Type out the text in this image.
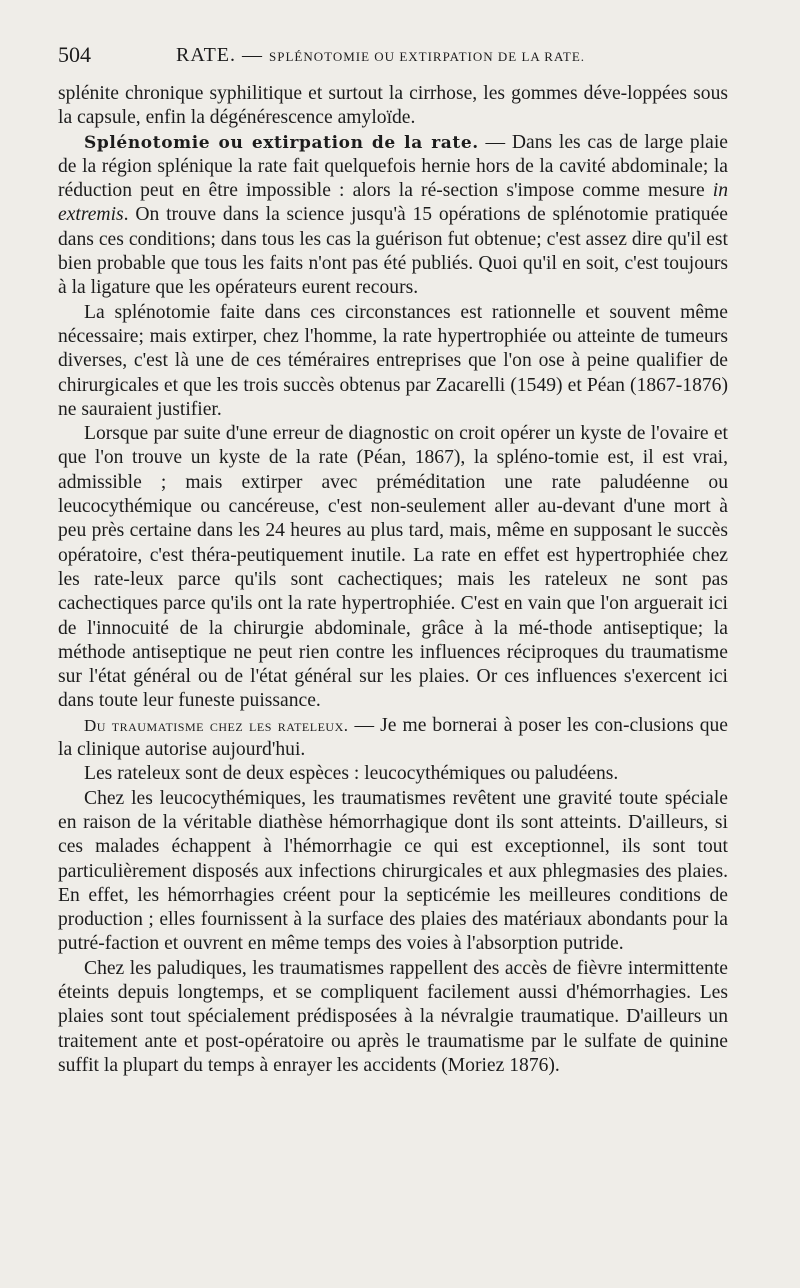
504	RATE. — SPLÉNOTOMIE OU EXTIRPATION DE LA RATE.

splénite chronique syphilitique et surtout la cirrhose, les gommes déve-loppées sous la capsule, enfin la dégénérescence amyloïde.

Splénotomie ou extirpation de la rate. — Dans les cas de large plaie de la région splénique la rate fait quelquefois hernie hors de la cavité abdominale; la réduction peut en être impossible : alors la ré-section s'impose comme mesure in extremis. On trouve dans la science jusqu'à 15 opérations de splénotomie pratiquée dans ces conditions; dans tous les cas la guérison fut obtenue; c'est assez dire qu'il est bien probable que tous les faits n'ont pas été publiés. Quoi qu'il en soit, c'est toujours à la ligature que les opérateurs eurent recours.

La splénotomie faite dans ces circonstances est rationnelle et souvent même nécessaire; mais extirper, chez l'homme, la rate hypertrophiée ou atteinte de tumeurs diverses, c'est là une de ces téméraires entreprises que l'on ose à peine qualifier de chirurgicales et que les trois succès obtenus par Zacarelli (1549) et Péan (1867-1876) ne sauraient justifier.

Lorsque par suite d'une erreur de diagnostic on croit opérer un kyste de l'ovaire et que l'on trouve un kyste de la rate (Péan, 1867), la spléno-tomie est, il est vrai, admissible ; mais extirper avec préméditation une rate paludéenne ou leucocythémique ou cancéreuse, c'est non-seulement aller au-devant d'une mort à peu près certaine dans les 24 heures au plus tard, mais, même en supposant le succès opératoire, c'est théra-peutiquement inutile. La rate en effet est hypertrophiée chez les rate-leux parce qu'ils sont cachectiques; mais les rateleux ne sont pas cachectiques parce qu'ils ont la rate hypertrophiée. C'est en vain que l'on arguerait ici de l'innocuité de la chirurgie abdominale, grâce à la mé-thode antiseptique; la méthode antiseptique ne peut rien contre les influences réciproques du traumatisme sur l'état général ou de l'état général sur les plaies. Or ces influences s'exercent ici dans toute leur funeste puissance.

Du traumatisme chez les rateleux. — Je me bornerai à poser les con-clusions que la clinique autorise aujourd'hui.

Les rateleux sont de deux espèces : leucocythémiques ou paludéens.

Chez les leucocythémiques, les traumatismes revêtent une gravité toute spéciale en raison de la véritable diathèse hémorrhagique dont ils sont atteints. D'ailleurs, si ces malades échappent à l'hémorrhagie ce qui est exceptionnel, ils sont tout particulièrement disposés aux infections chirurgicales et aux phlegmasies des plaies. En effet, les hémorrhagies créent pour la septicémie les meilleures conditions de production ; elles fournissent à la surface des plaies des matériaux abondants pour la putré-faction et ouvrent en même temps des voies à l'absorption putride.

Chez les paludiques, les traumatismes rappellent des accès de fièvre intermittente éteints depuis longtemps, et se compliquent facilement aussi d'hémorrhagies. Les plaies sont tout spécialement prédisposées à la névralgie traumatique. D'ailleurs un traitement ante et post-opératoire ou après le traumatisme par le sulfate de quinine suffit la plupart du temps à enrayer les accidents (Moriez 1876).
